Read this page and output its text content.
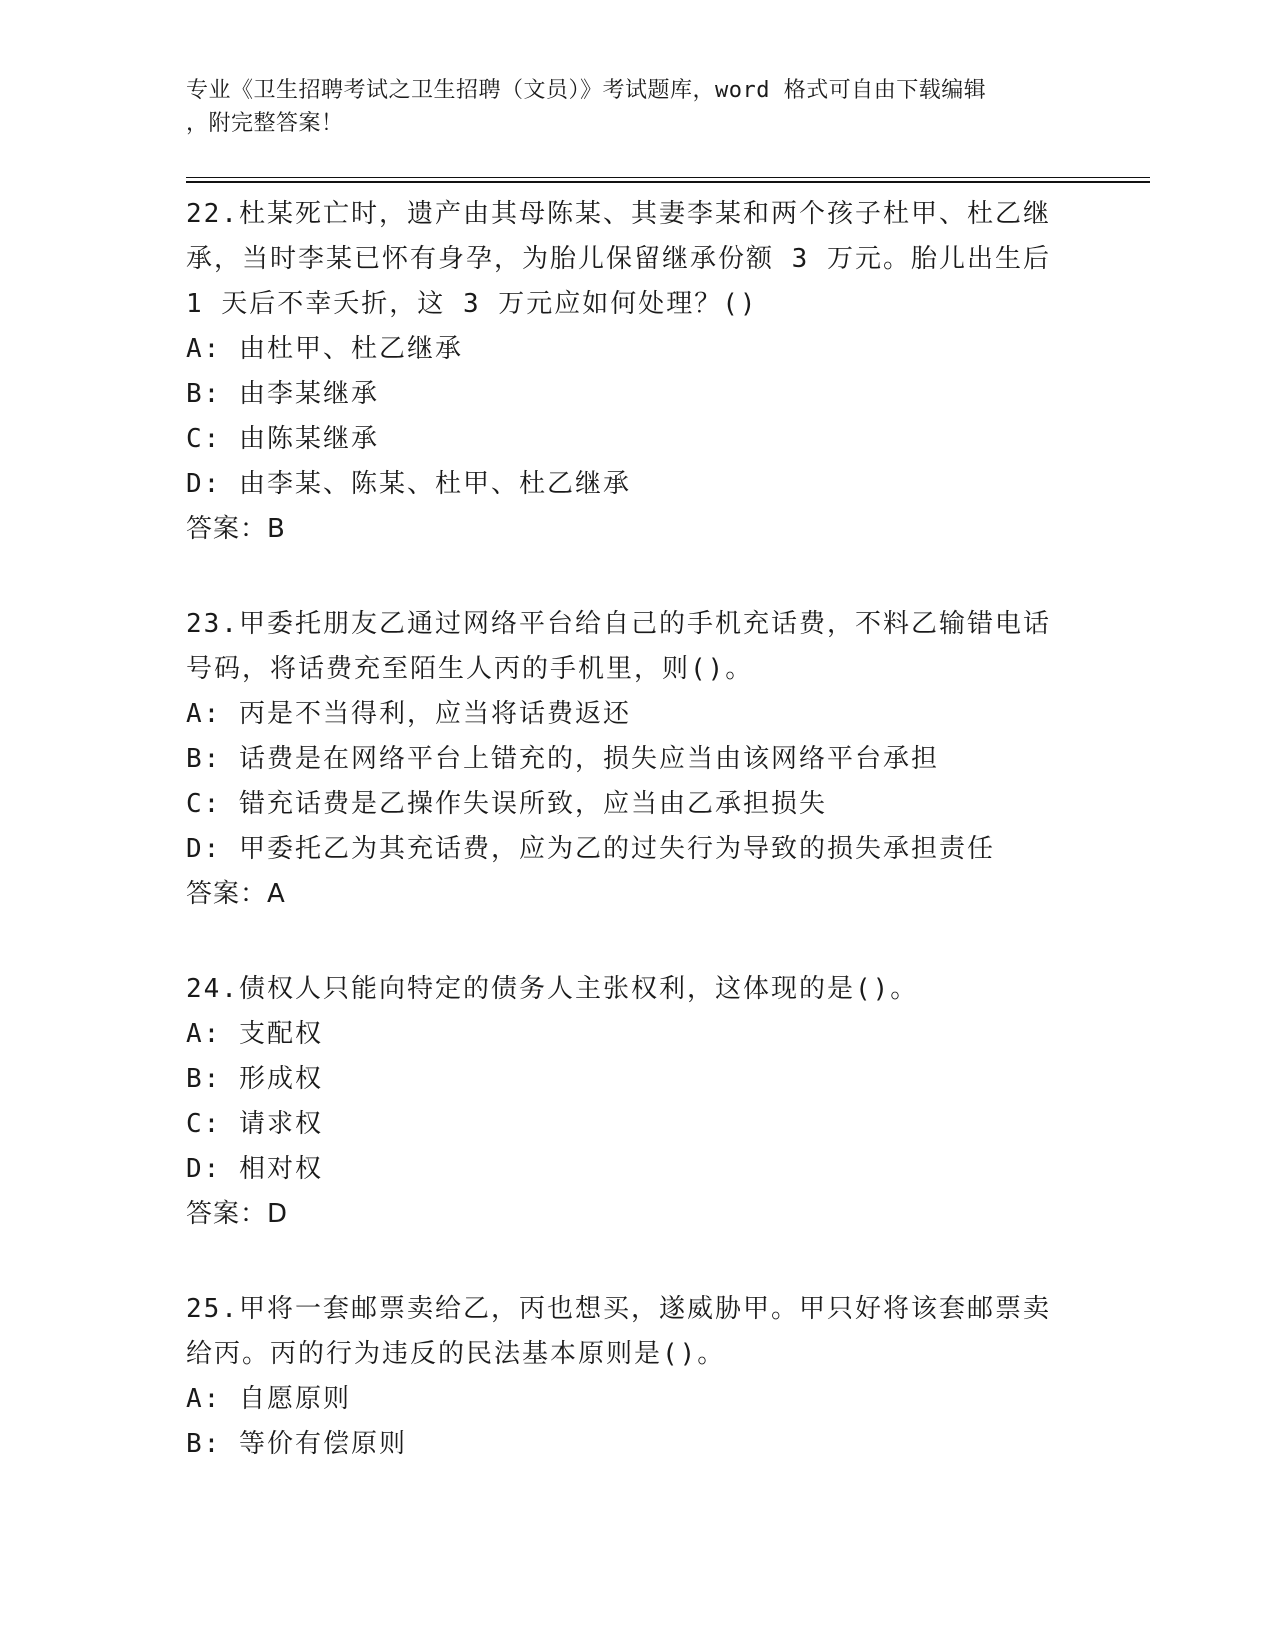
专业《卫生招聘考试之卫生招聘（文员）》考试题库，word 格式可自由下载编辑
，附完整答案！
22.杜某死亡时，遗产由其母陈某、其妻李某和两个孩子杜甲、杜乙继
承，当时李某已怀有身孕，为胎儿保留继承份额 3 万元。胎儿出生后
1 天后不幸夭折，这 3 万元应如何处理？()
A: 由杜甲、杜乙继承
B: 由李某继承
C: 由陈某继承
D: 由李某、陈某、杜甲、杜乙继承
答案：B
23.甲委托朋友乙通过网络平台给自己的手机充话费，不料乙输错电话
号码，将话费充至陌生人丙的手机里，则()。
A: 丙是不当得利，应当将话费返还
B: 话费是在网络平台上错充的，损失应当由该网络平台承担
C: 错充话费是乙操作失误所致，应当由乙承担损失
D: 甲委托乙为其充话费，应为乙的过失行为导致的损失承担责任
答案：A
24.债权人只能向特定的债务人主张权利，这体现的是()。
A: 支配权
B: 形成权
C: 请求权
D: 相对权
答案：D
25.甲将一套邮票卖给乙，丙也想买，遂威胁甲。甲只好将该套邮票卖
给丙。丙的行为违反的民法基本原则是()。
A: 自愿原则
B: 等价有偿原则
